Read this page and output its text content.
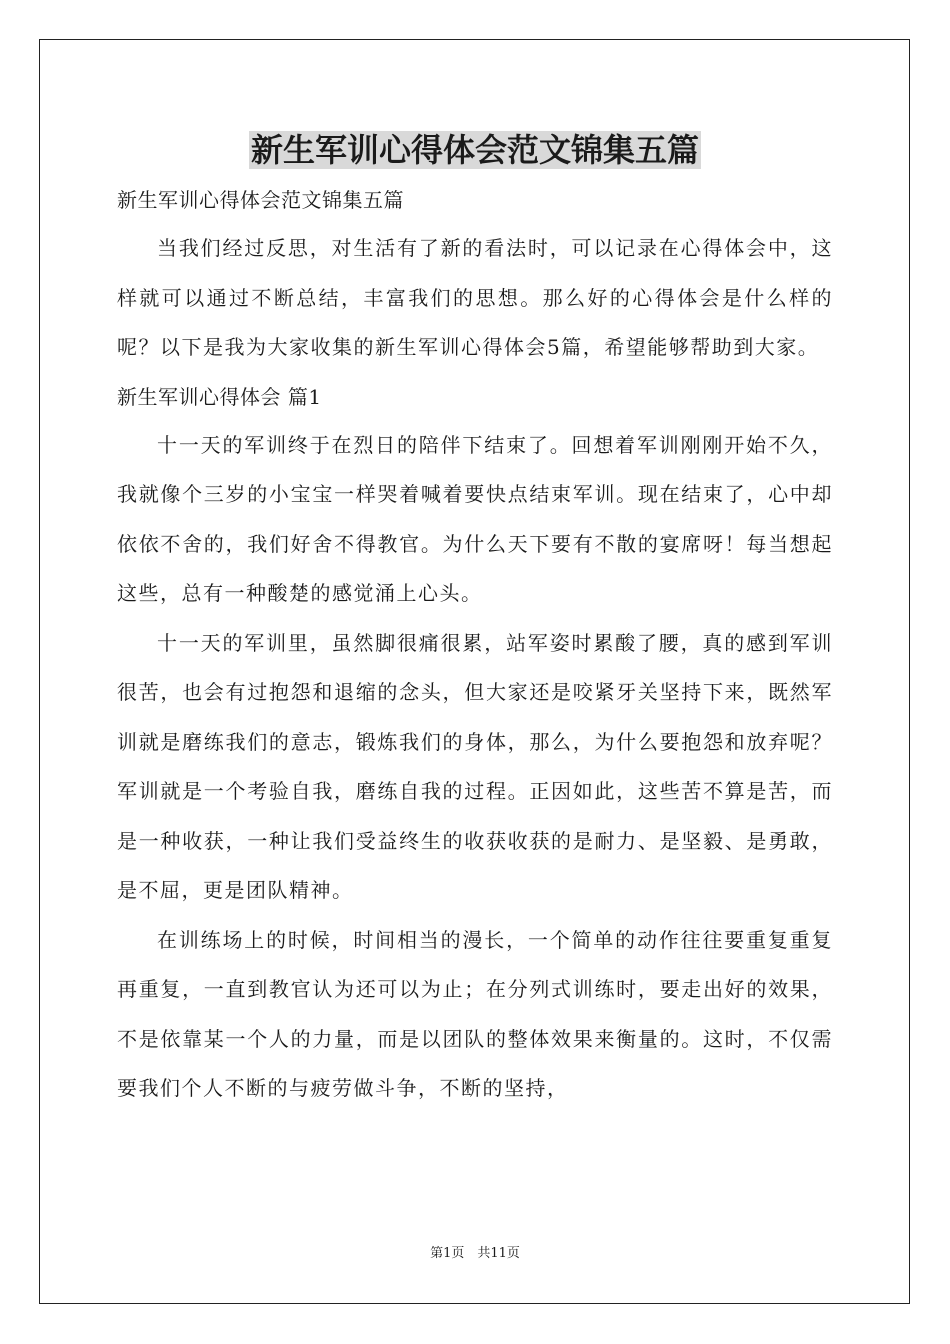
新生军训心得体会范文锦集五篇
新生军训心得体会范文锦集五篇

当我们经过反思，对生活有了新的看法时，可以记录在心得体会中，这样就可以通过不断总结，丰富我们的思想。那么好的心得体会是什么样的呢？以下是我为大家收集的新生军训心得体会5篇，希望能够帮助到大家。

新生军训心得体会 篇1

十一天的军训终于在烈日的陪伴下结束了。回想着军训刚刚开始不久，我就像个三岁的小宝宝一样哭着喊着要快点结束军训。现在结束了，心中却依依不舍的，我们好舍不得教官。为什么天下要有不散的宴席呀！每当想起这些，总有一种酸楚的感觉涌上心头。

十一天的军训里，虽然脚很痛很累，站军姿时累酸了腰，真的感到军训很苦，也会有过抱怨和退缩的念头，但大家还是咬紧牙关坚持下来，既然军训就是磨练我们的意志，锻炼我们的身体，那么，为什么要抱怨和放弃呢？军训就是一个考验自我，磨练自我的过程。正因如此，这些苦不算是苦，而是一种收获，一种让我们受益终生的收获收获的是耐力、是坚毅、是勇敢，是不屈，更是团队精神。

在训练场上的时候，时间相当的漫长，一个简单的动作往往要重复重复再重复，一直到教官认为还可以为止；在分列式训练时，要走出好的效果，不是依靠某一个人的力量，而是以团队的整体效果来衡量的。这时，不仅需要我们个人不断的与疲劳做斗争，不断的坚持，

第1页　共11页
